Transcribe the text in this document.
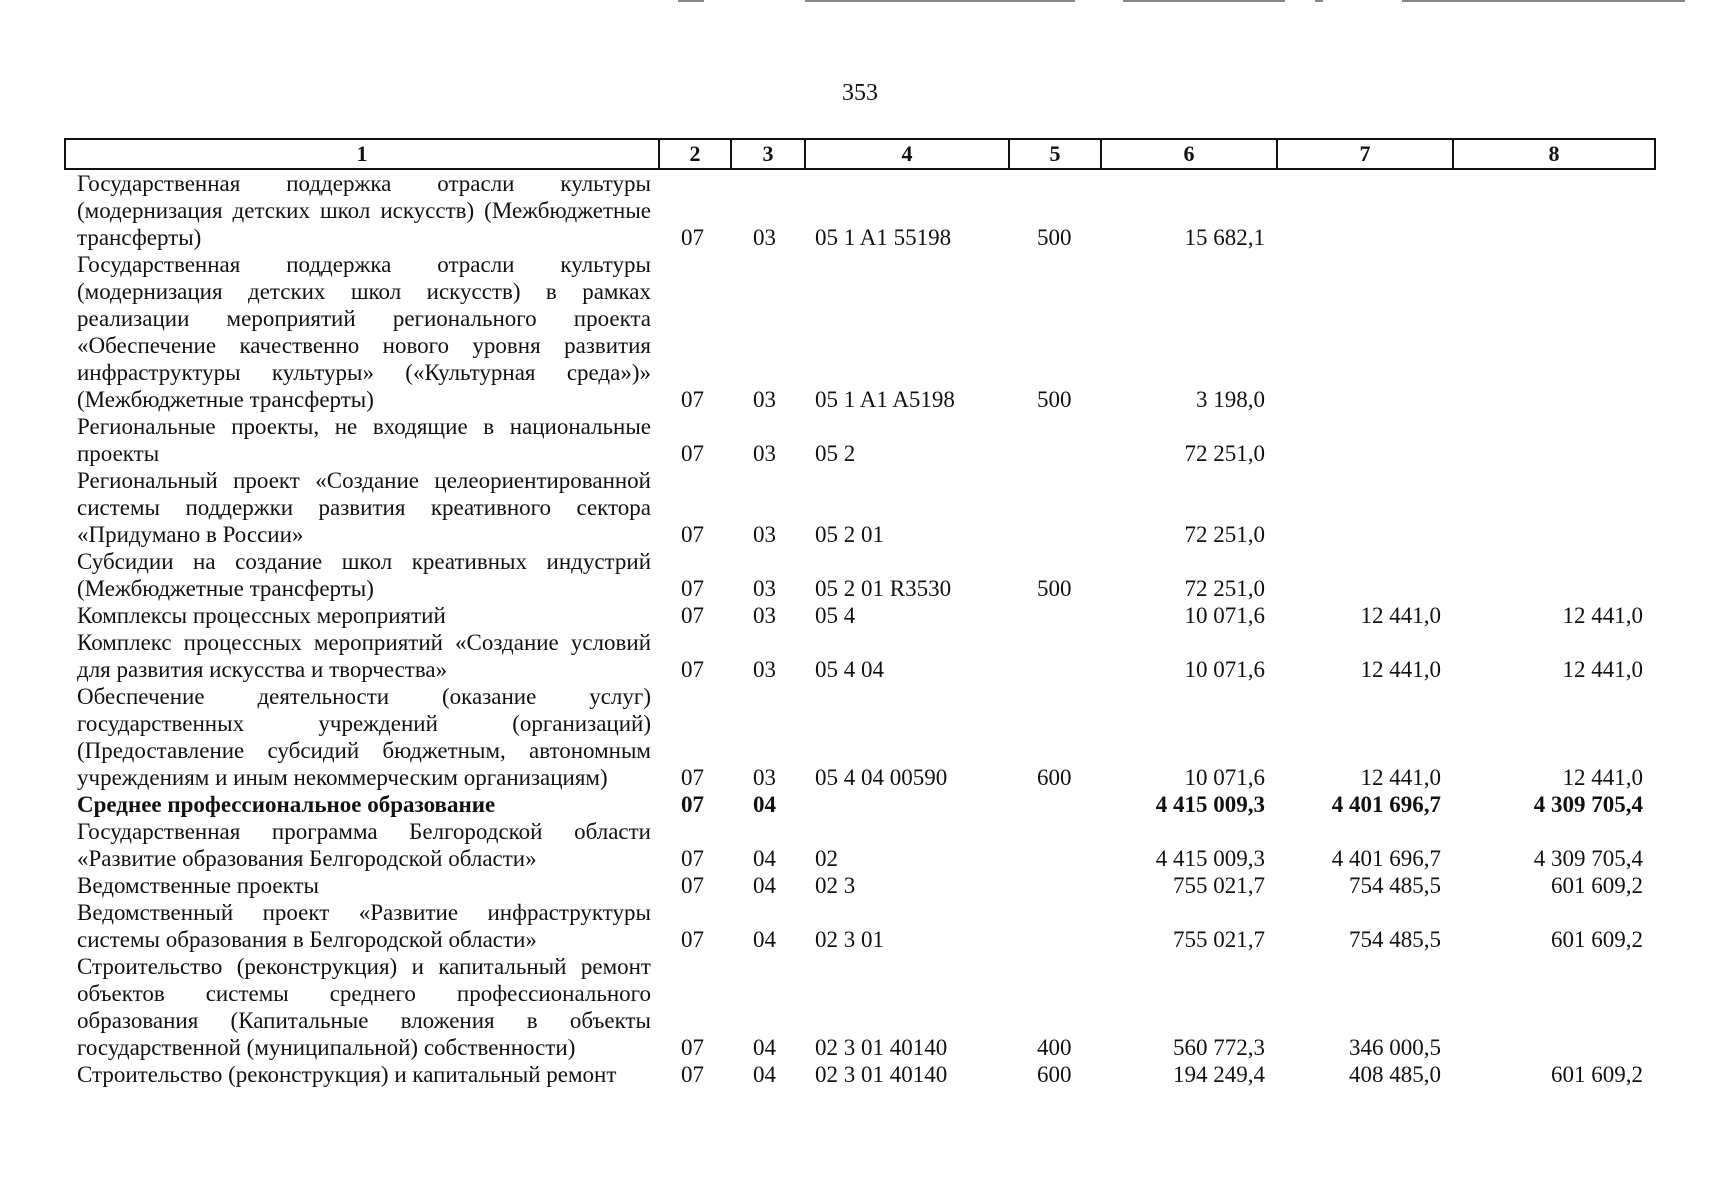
353
1	2	3	4	5	6	7	8
Государственная поддержка отрасли культуры (модернизация детских школ искусств) (Межбюджетные трансферты)	07	03	05 1 A1 55198	500	15 682,1		
Государственная поддержка отрасли культуры (модернизация детских школ искусств) в рамках реализации мероприятий регионального проекта «Обеспечение качественно нового уровня развития инфраструктуры культуры» («Культурная среда»)» (Межбюджетные трансферты)	07	03	05 1 A1 A5198	500	3 198,0		
Региональные проекты, не входящие в национальные проекты	07	03	05 2		72 251,0		
Региональный проект «Создание целеориентированной системы поддержки развития креативного сектора «Придумано в России»	07	03	05 2 01		72 251,0		
Субсидии на создание школ креативных индустрий (Межбюджетные трансферты)	07	03	05 2 01 R3530	500	72 251,0		
Комплексы процессных мероприятий	07	03	05 4		10 071,6	12 441,0	12 441,0
Комплекс процессных мероприятий «Создание условий для развития искусства и творчества»	07	03	05 4 04		10 071,6	12 441,0	12 441,0
Обеспечение деятельности (оказание услуг) государственных учреждений (организаций) (Предоставление субсидий бюджетным, автономным учреждениям и иным некоммерческим организациям)	07	03	05 4 04 00590	600	10 071,6	12 441,0	12 441,0
Среднее профессиональное образование	07	04			4 415 009,3	4 401 696,7	4 309 705,4
Государственная программа Белгородской области «Развитие образования Белгородской области»	07	04	02		4 415 009,3	4 401 696,7	4 309 705,4
Ведомственные проекты	07	04	02 3		755 021,7	754 485,5	601 609,2
Ведомственный проект «Развитие инфраструктуры системы образования в Белгородской области»	07	04	02 3 01		755 021,7	754 485,5	601 609,2
Строительство (реконструкция) и капитальный ремонт объектов системы среднего профессионального образования (Капитальные вложения в объекты государственной (муниципальной) собственности)	07	04	02 3 01 40140	400	560 772,3	346 000,5	
Строительство (реконструкция) и капитальный ремонт	07	04	02 3 01 40140	600	194 249,4	408 485,0	601 609,2
